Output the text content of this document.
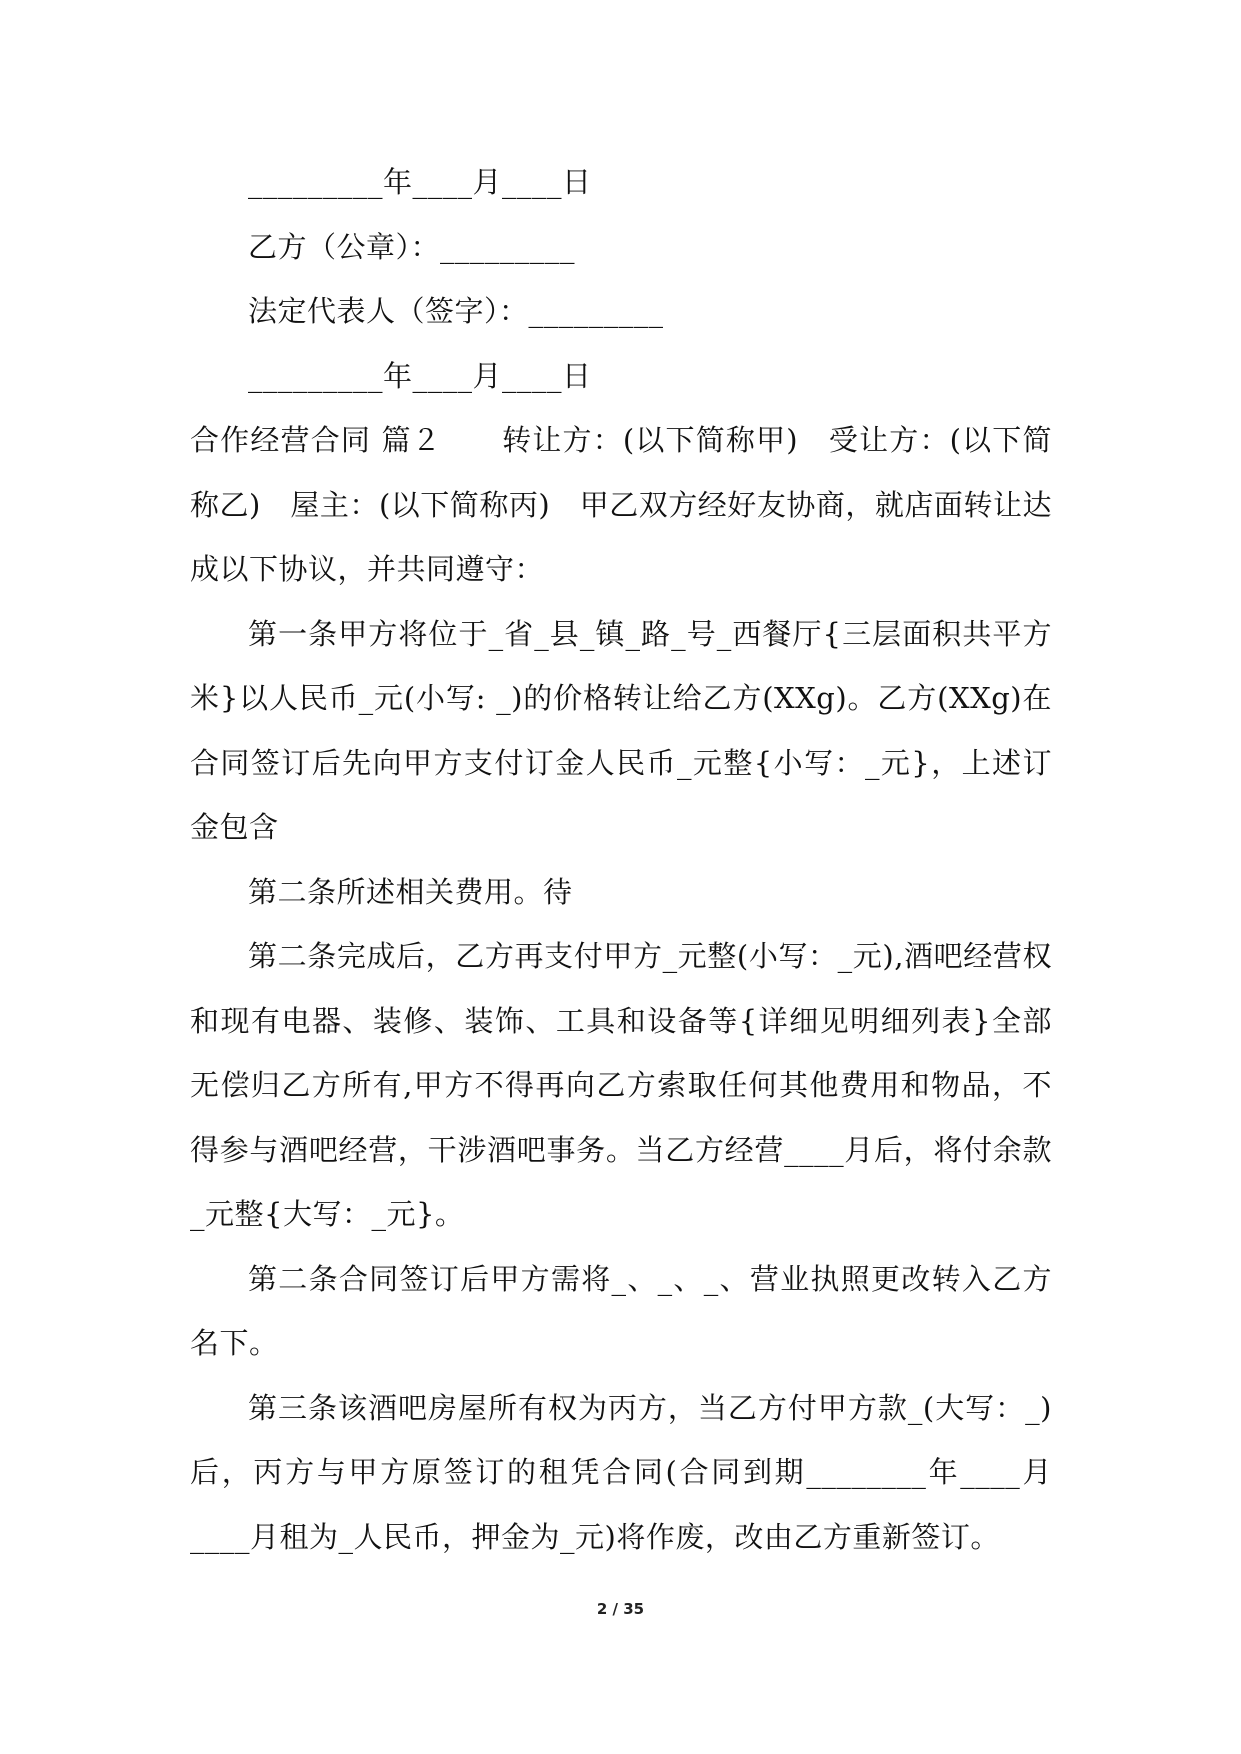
_________年____月____日

乙方（公章）：_________

法定代表人（签字）：_________

_________年____月____日

合作经营合同 篇２　　转让方：(以下简称甲)　受让方：(以下简称乙)　屋主：(以下简称丙)　甲乙双方经好友协商，就店面转让达成以下协议，并共同遵守：

第一条甲方将位于_省_县_镇_路_号_西餐厅{三层面积共平方米}以人民币_元(小写: _)的价格转让给乙方(XXg)。乙方(XXg)在合同签订后先向甲方支付订金人民币_元整{小写：_元}，上述订金包含

第二条所述相关费用。待

第二条完成后，乙方再支付甲方_元整(小写：_元),酒吧经营权和现有电器、装修、装饰、工具和设备等{详细见明细列表}全部无偿归乙方所有,甲方不得再向乙方索取任何其他费用和物品，不得参与酒吧经营，干涉酒吧事务。当乙方经营____月后，将付余款_元整{大写：_元}。

第二条合同签订后甲方需将_、_、_、营业执照更改转入乙方名下。

第三条该酒吧房屋所有权为丙方，当乙方付甲方款_(大写：_)后，丙方与甲方原签订的租凭合同(合同到期________年____月____月租为_人民币，押金为_元)将作废，改由乙方重新签订。

2 / 35
